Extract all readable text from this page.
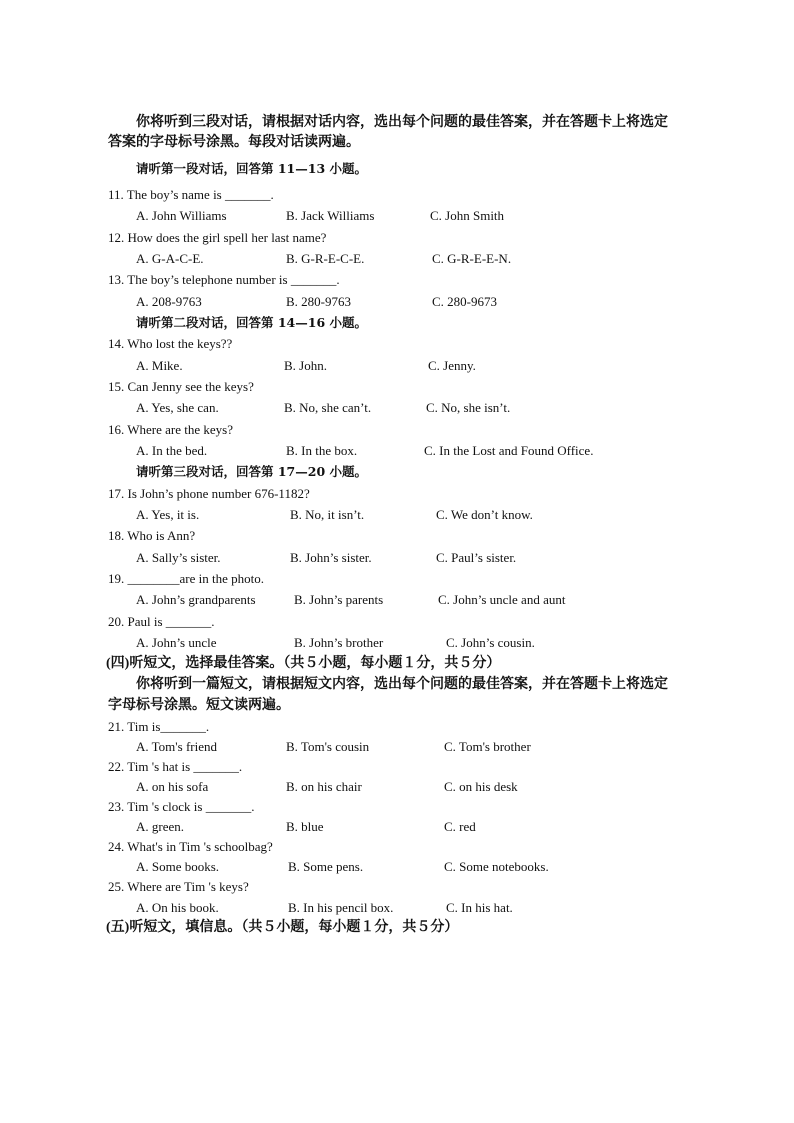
你将听到三段对话，请根据对话内容，选出每个问题的最佳答案，并在答题卡上将选定
答案的字母标号涂黑。每段对话读两遍。
请听第一段对话，回答第 11—13 小题。
11. The boy’s name is _______.
A. John Williams	B. Jack Williams	C. John Smith
12. How does the girl spell her last name?
A. G-A-C-E.	B. G-R-E-C-E.	C. G-R-E-E-N.
13. The boy’s telephone number is _______.
A. 208-9763	B. 280-9763	C. 280-9673
请听第二段对话，回答第 14—16 小题。
14. Who lost the keys??
A. Mike.	B. John.	C. Jenny.
15. Can Jenny see the keys?
A. Yes, she can.	B. No, she can’t.	C. No, she isn’t.
16. Where are the keys?
A. In the bed.	B. In the box.	C. In the Lost and Found Office.
请听第三段对话，回答第 17—20 小题。
17. Is John’s phone number 676-1182?
A. Yes, it is.	B. No, it isn’t.	C. We don’t know.
18. Who is Ann?
A. Sally’s sister.	B. John’s sister.	C. Paul’s sister.
19. ________are in the photo.
A. John’s grandparents	B. John’s parents	C. John’s uncle and aunt
20. Paul is _______.
A. John’s uncle	B. John’s brother	C. John’s cousin.
(四)听短文，选择最佳答案。（共５小题，每小题１分，共５分）
你将听到一篇短文，请根据短文内容，选出每个问题的最佳答案，并在答题卡上将选定
字母标号涂黑。短文读两遍。
21. Tim is_______.
A. Tom's friend	B. Tom's cousin	C. Tom's brother
22. Tim 's hat is _______.
A. on his sofa	B. on his chair	C. on his desk
23. Tim 's clock is _______.
A. green.	B. blue	C. red
24. What's in Tim 's schoolbag?
A. Some books.	B. Some pens.	C. Some notebooks.
25. Where are Tim 's keys?
A. On his book.	B. In his pencil box.	C. In his hat.
(五)听短文，填信息。（共５小题，每小题１分，共５分）
